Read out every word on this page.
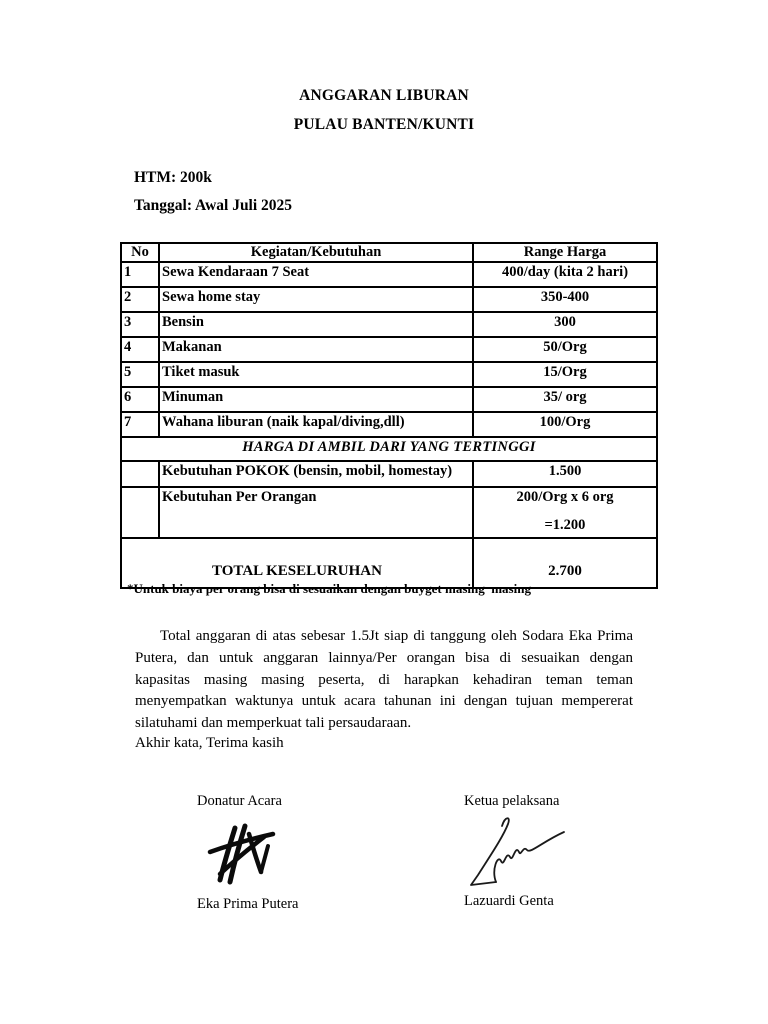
ANGGARAN LIBURAN
PULAU BANTEN/KUNTI
HTM: 200k
Tanggal: Awal Juli 2025
No	Kegiatan/Kebutuhan	Range Harga
1	Sewa Kendaraan 7 Seat	400/day (kita 2 hari)
2	Sewa home stay	350-400
3	Bensin	300
4	Makanan	50/Org
5	Tiket masuk	15/Org
6	Minuman	35/ org
7	Wahana liburan (naik kapal/diving,dll)	100/Org
HARGA DI AMBIL DARI YANG TERTINGGI		
	Kebutuhan POKOK (bensin, mobil, homestay)	1.500
	Kebutuhan Per Orangan	200/Org x 6 org
=1.200

TOTAL KESELURUHAN		2.700
*Untuk biaya per orang bisa di sesuaikan dengan buyget masing  masing
Total anggaran di atas sebesar 1.5Jt siap di tanggung oleh Sodara Eka Prima Putera, dan untuk anggaran lainnya/Per orangan bisa di sesuaikan dengan kapasitas masing masing peserta, di harapkan kehadiran teman teman menyempatkan waktunya untuk acara tahunan ini dengan tujuan mempererat silatuhami dan memperkuat tali persaudaraan.
Akhir kata, Terima kasih
Donatur Acara	Ketua pelaksana
Eka Prima Putera	Lazuardi Genta
